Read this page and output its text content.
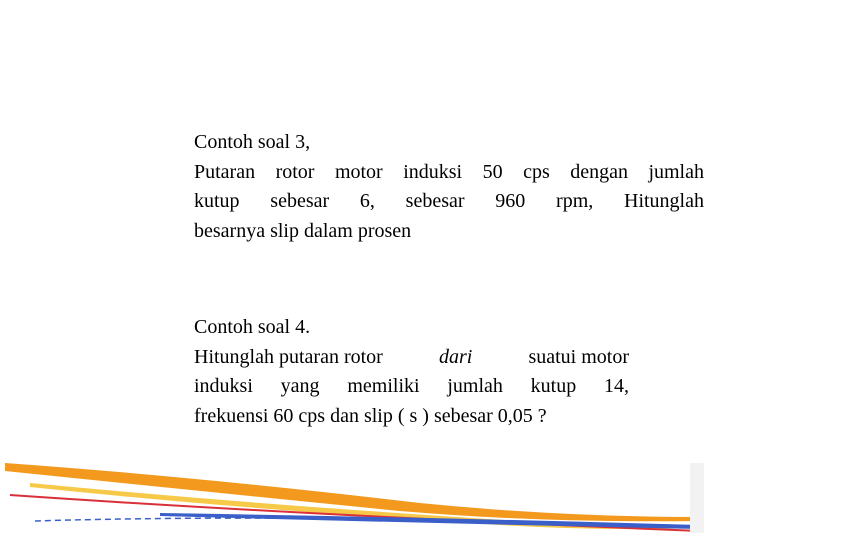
Contoh soal 3,
Putaran rotor motor induksi 50 cps dengan jumlah
kutup sebesar 6, sebesar 960 rpm, Hitunglah
besarnya slip dalam prosen
Contoh soal 4.
Hitunglah putaran rotor	dari	suatui motor
induksi yang memiliki jumlah kutup 14,
frekuensi 60 cps dan slip ( s ) sebesar 0,05 ?
